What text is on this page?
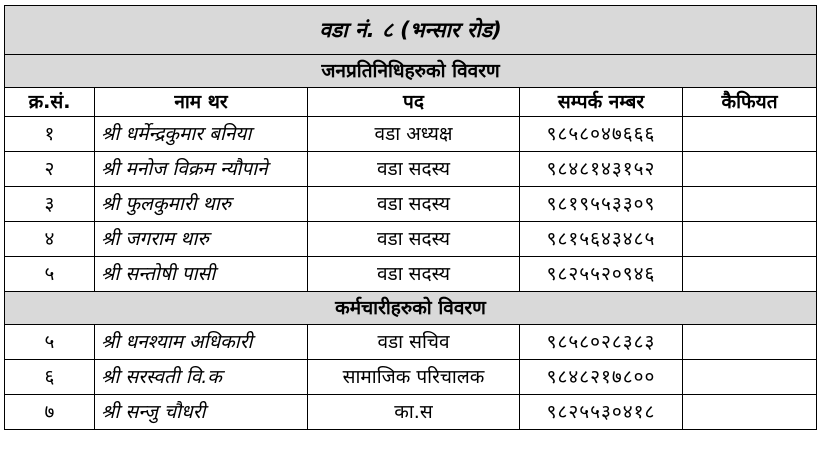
वडा नं. ८ (भन्सार रोड)				
जनप्रतिनिधिहरुको विवरण				
क्र.सं.	नाम थर	पद	सम्पर्क नम्बर	कैफियत
१	श्री धर्मेन्द्रकुमार बनिया	वडा अध्यक्ष	९८५८०४७६६६	
२	श्री मनोज विक्रम न्यौपाने	वडा सदस्य	९८४८१४३१५२	
३	श्री फुलकुमारी थारु	वडा सदस्य	९८१९५५३३०९	
४	श्री जगराम थारु	वडा सदस्य	९८१५६४३४८५	
५	श्री सन्तोषी पासी	वडा सदस्य	९८२५५२०९४६	
कर्मचारीहरुको विवरण				
५	श्री धनश्याम अधिकारी	वडा सचिव	९८५८०२८३८३	
६	श्री सरस्वती वि.क	सामाजिक परिचालक	९८४८२१७८००	
७	श्री सन्जु चौधरी	का.स	९८२५५३०४१८	
